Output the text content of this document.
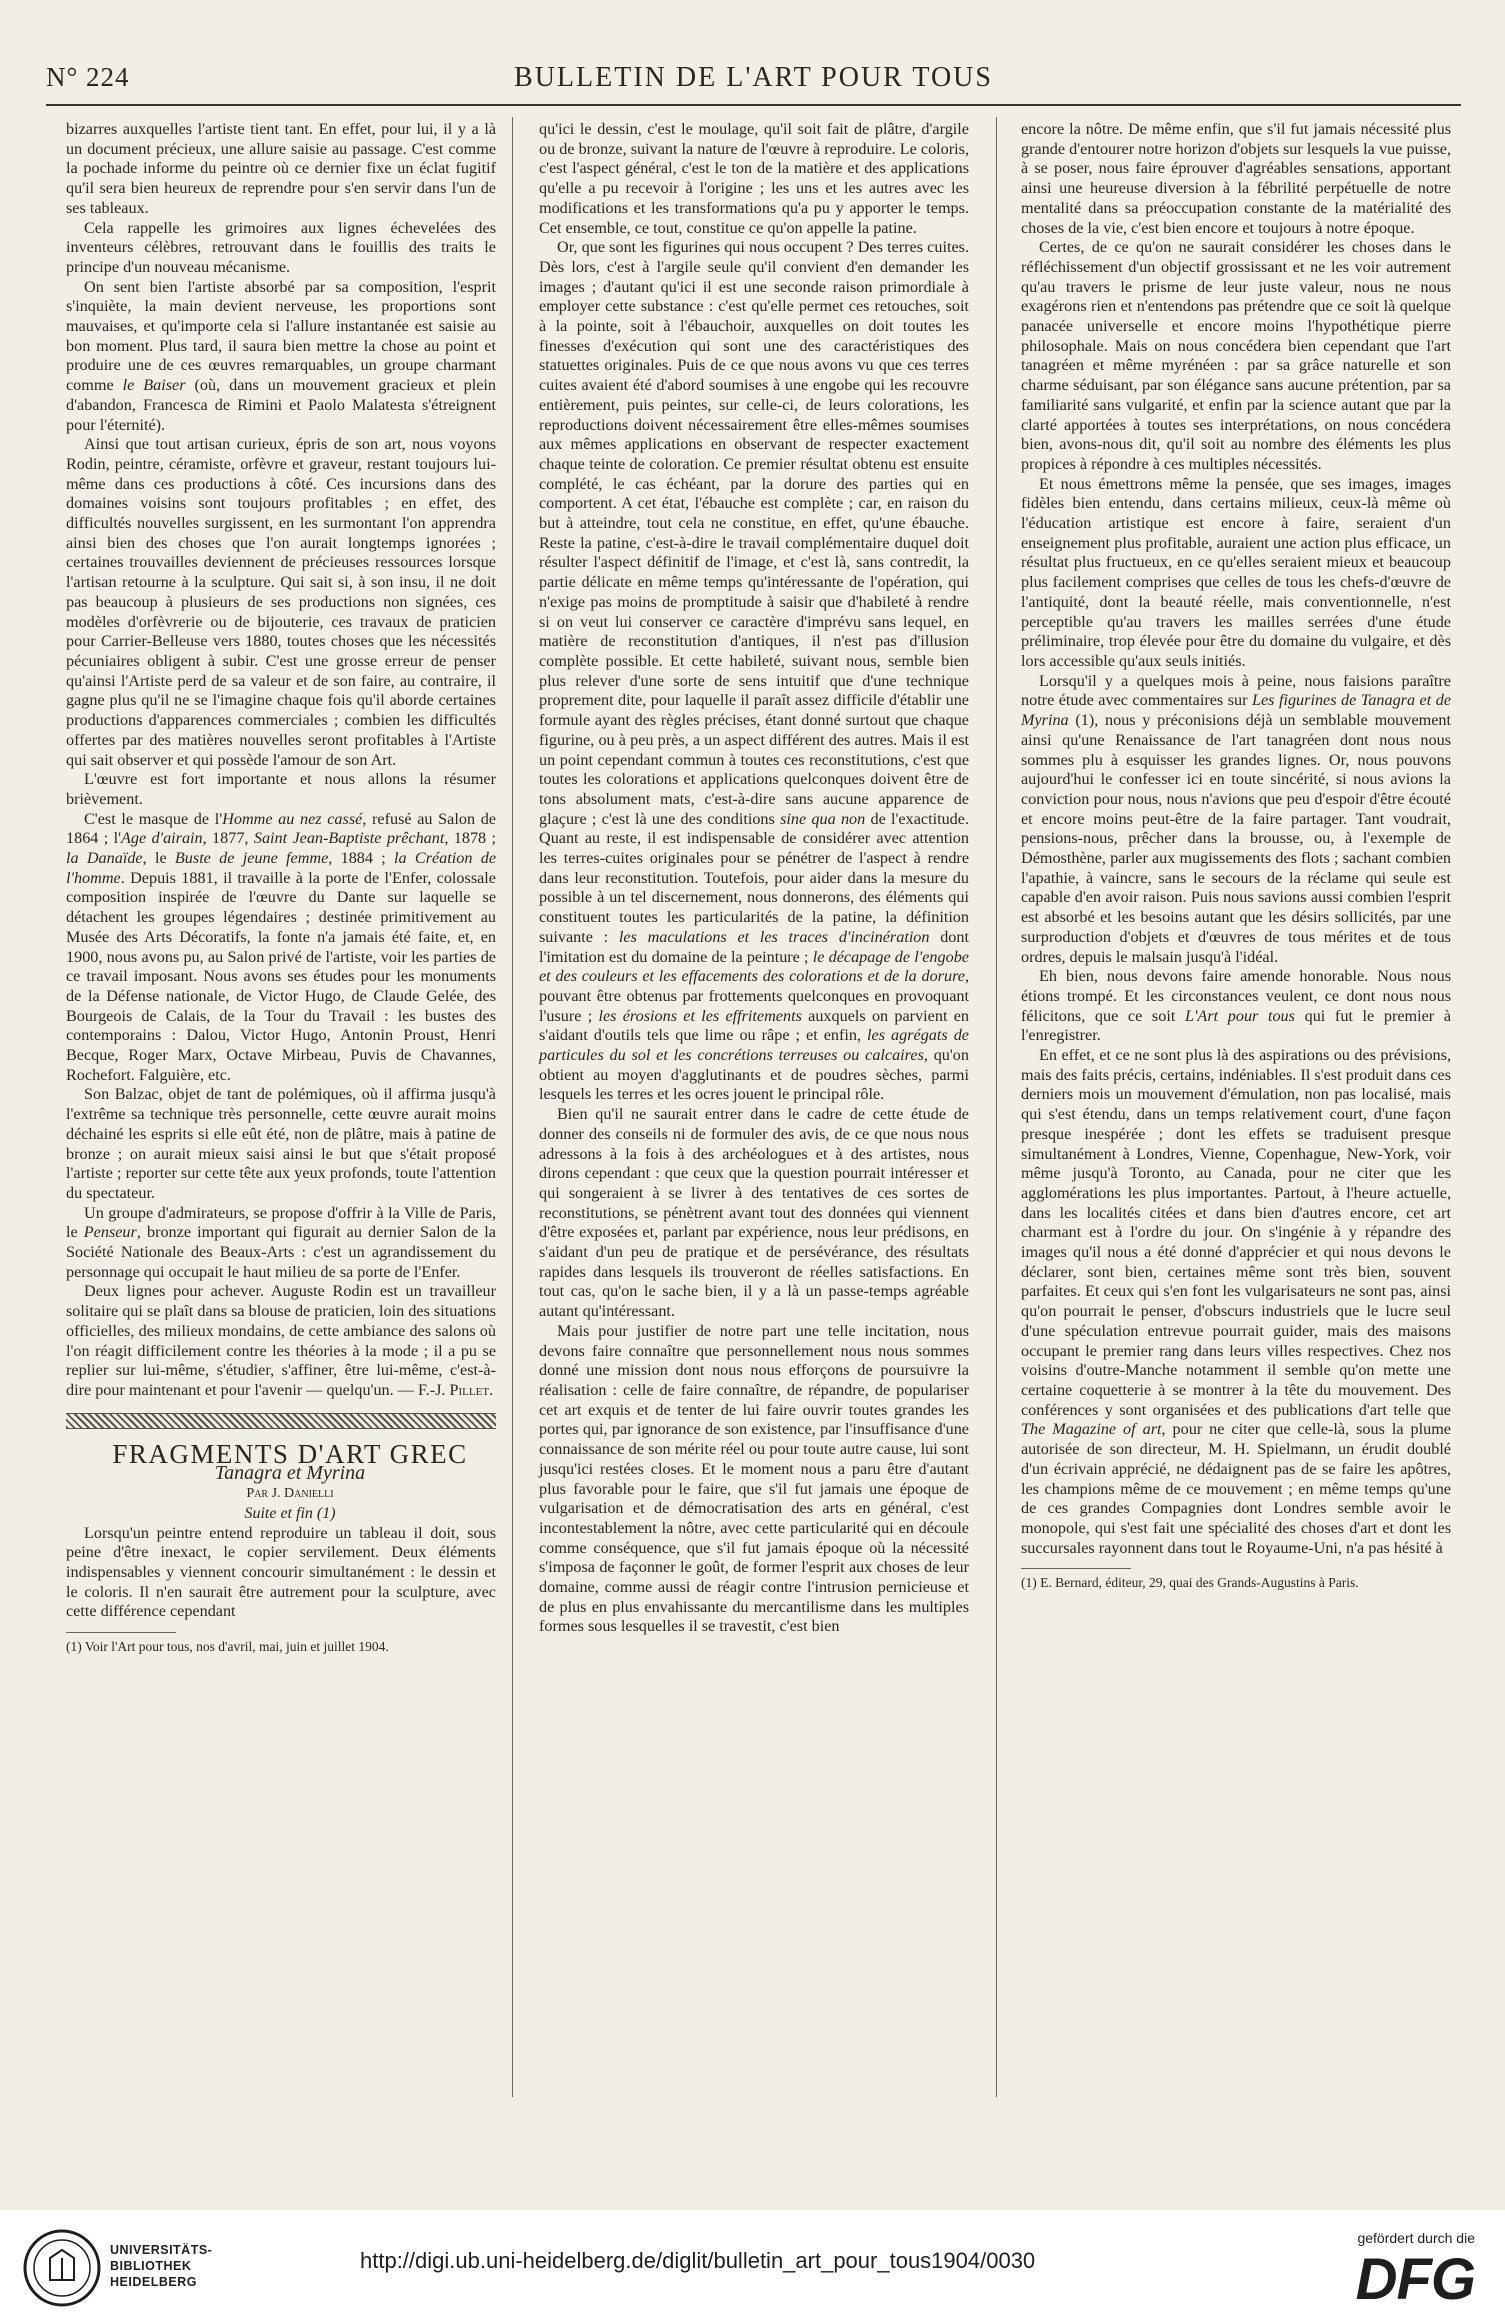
N° 224	BULLETIN DE L'ART POUR TOUS

bizarres auxquelles l'artiste tient tant. En effet, pour lui, il y a là un document précieux, une allure saisie au passage. C'est comme la pochade informe du peintre où ce dernier fixe un éclat fugitif qu'il sera bien heureux de reprendre pour s'en servir dans l'un de ses tableaux.

Cela rappelle les grimoires aux lignes échevelées des inventeurs célèbres, retrouvant dans le fouillis des traits le principe d'un nouveau mécanisme.

On sent bien l'artiste absorbé par sa composition, l'esprit s'inquiète, la main devient nerveuse, les proportions sont mauvaises, et qu'importe cela si l'allure instantanée est saisie au bon moment. Plus tard, il saura bien mettre la chose au point et produire une de ces œuvres remarquables, un groupe charmant comme le Baiser (où, dans un mouvement gracieux et plein d'abandon, Francesca de Rimini et Paolo Malatesta s'étreignent pour l'éternité).

Ainsi que tout artisan curieux, épris de son art, nous voyons Rodin, peintre, céramiste, orfèvre et graveur, restant toujours lui-même dans ces productions à côté. Ces incursions dans des domaines voisins sont toujours profitables ; en effet, des difficultés nouvelles surgissent, en les surmontant l'on apprendra ainsi bien des choses que l'on aurait longtemps ignorées ; certaines trouvailles deviennent de précieuses ressources lorsque l'artisan retourne à la sculpture. Qui sait si, à son insu, il ne doit pas beaucoup à plusieurs de ses productions non signées, ces modèles d'orfèvrerie ou de bijouterie, ces travaux de praticien pour Carrier-Belleuse vers 1880, toutes choses que les nécessités pécuniaires obligent à subir. C'est une grosse erreur de penser qu'ainsi l'Artiste perd de sa valeur et de son faire, au contraire, il gagne plus qu'il ne se l'imagine chaque fois qu'il aborde certaines productions d'apparences commerciales ; combien les difficultés offertes par des matières nouvelles seront profitables à l'Artiste qui sait observer et qui possède l'amour de son Art.

L'œuvre est fort importante et nous allons la résumer brièvement.

C'est le masque de l'Homme au nez cassé, refusé au Salon de 1864 ; l'Age d'airain, 1877, Saint Jean-Baptiste prêchant, 1878 ; la Danaïde, le Buste de jeune femme, 1884 ; la Création de l'homme. Depuis 1881, il travaille à la porte de l'Enfer, colossale composition inspirée de l'œuvre du Dante sur laquelle se détachent les groupes légendaires ; destinée primitivement au Musée des Arts Décoratifs, la fonte n'a jamais été faite, et, en 1900, nous avons pu, au Salon privé de l'artiste, voir les parties de ce travail imposant. Nous avons ses études pour les monuments de la Défense nationale, de Victor Hugo, de Claude Gelée, des Bourgeois de Calais, de la Tour du Travail : les bustes des contemporains : Dalou, Victor Hugo, Antonin Proust, Henri Becque, Roger Marx, Octave Mirbeau, Puvis de Chavannes, Rochefort. Falguière, etc.

Son Balzac, objet de tant de polémiques, où il affirma jusqu'à l'extrême sa technique très personnelle, cette œuvre aurait moins déchainé les esprits si elle eût été, non de plâtre, mais à patine de bronze ; on aurait mieux saisi ainsi le but que s'était proposé l'artiste ; reporter sur cette tête aux yeux profonds, toute l'attention du spectateur.

Un groupe d'admirateurs, se propose d'offrir à la Ville de Paris, le Penseur, bronze important qui figurait au dernier Salon de la Société Nationale des Beaux-Arts : c'est un agrandissement du personnage qui occupait le haut milieu de sa porte de l'Enfer.

Deux lignes pour achever. Auguste Rodin est un travailleur solitaire qui se plaît dans sa blouse de praticien, loin des situations officielles, des milieux mondains, de cette ambiance des salons où l'on réagit difficilement contre les théories à la mode ; il a pu se replier sur lui-même, s'étudier, s'affiner, être lui-même, c'est-à-dire pour maintenant et pour l'avenir — quelqu'un. — F.-J. Pillet.

FRAGMENTS D'ART GREC

Tanagra et Myrina

Par J. Danielli

Suite et fin (1)

Lorsqu'un peintre entend reproduire un tableau il doit, sous peine d'être inexact, le copier servilement. Deux éléments indispensables y viennent concourir simultanément : le dessin et le coloris. Il n'en saurait être autrement pour la sculpture, avec cette différence cependant

(1) Voir l'Art pour tous, nos d'avril, mai, juin et juillet 1904.

qu'ici le dessin, c'est le moulage, qu'il soit fait de plâtre, d'argile ou de bronze, suivant la nature de l'œuvre à reproduire. Le coloris, c'est l'aspect général, c'est le ton de la matière et des applications qu'elle a pu recevoir à l'origine ; les uns et les autres avec les modifications et les transformations qu'a pu y apporter le temps. Cet ensemble, ce tout, constitue ce qu'on appelle la patine.

Or, que sont les figurines qui nous occupent ? Des terres cuites. Dès lors, c'est à l'argile seule qu'il convient d'en demander les images ; d'autant qu'ici il est une seconde raison primordiale à employer cette substance : c'est qu'elle permet ces retouches, soit à la pointe, soit à l'ébauchoir, auxquelles on doit toutes les finesses d'exécution qui sont une des caractéristiques des statuettes originales. Puis de ce que nous avons vu que ces terres cuites avaient été d'abord soumises à une engobe qui les recouvre entièrement, puis peintes, sur celle-ci, de leurs colorations, les reproductions doivent nécessairement être elles-mêmes soumises aux mêmes applications en observant de respecter exactement chaque teinte de coloration. Ce premier résultat obtenu est ensuite complété, le cas échéant, par la dorure des parties qui en comportent. A cet état, l'ébauche est complète ; car, en raison du but à atteindre, tout cela ne constitue, en effet, qu'une ébauche. Reste la patine, c'est-à-dire le travail complémentaire duquel doit résulter l'aspect définitif de l'image, et c'est là, sans contredit, la partie délicate en même temps qu'intéressante de l'opération, qui n'exige pas moins de promptitude à saisir que d'habileté à rendre si on veut lui conserver ce caractère d'imprévu sans lequel, en matière de reconstitution d'antiques, il n'est pas d'illusion complète possible. Et cette habileté, suivant nous, semble bien plus relever d'une sorte de sens intuitif que d'une technique proprement dite, pour laquelle il paraît assez difficile d'établir une formule ayant des règles précises, étant donné surtout que chaque figurine, ou à peu près, a un aspect différent des autres. Mais il est un point cependant commun à toutes ces reconstitutions, c'est que toutes les colorations et applications quelconques doivent être de tons absolument mats, c'est-à-dire sans aucune apparence de glaçure ; c'est là une des conditions sine qua non de l'exactitude. Quant au reste, il est indispensable de considérer avec attention les terres-cuites originales pour se pénétrer de l'aspect à rendre dans leur reconstitution. Toutefois, pour aider dans la mesure du possible à un tel discernement, nous donnerons, des éléments qui constituent toutes les particularités de la patine, la définition suivante : les maculations et les traces d'incinération dont l'imitation est du domaine de la peinture ; le décapage de l'engobe et des couleurs et les effacements des colorations et de la dorure, pouvant être obtenus par frottements quelconques en provoquant l'usure ; les érosions et les effritements auxquels on parvient en s'aidant d'outils tels que lime ou râpe ; et enfin, les agrégats de particules du sol et les concrétions terreuses ou calcaires, qu'on obtient au moyen d'agglutinants et de poudres sèches, parmi lesquels les terres et les ocres jouent le principal rôle.

Bien qu'il ne saurait entrer dans le cadre de cette étude de donner des conseils ni de formuler des avis, de ce que nous nous adressons à la fois à des archéologues et à des artistes, nous dirons cependant : que ceux que la question pourrait intéresser et qui songeraient à se livrer à des tentatives de ces sortes de reconstitutions, se pénètrent avant tout des données qui viennent d'être exposées et, parlant par expérience, nous leur prédisons, en s'aidant d'un peu de pratique et de persévérance, des résultats rapides dans lesquels ils trouveront de réelles satisfactions. En tout cas, qu'on le sache bien, il y a là un passe-temps agréable autant qu'intéressant.

Mais pour justifier de notre part une telle incitation, nous devons faire connaître que personnellement nous nous sommes donné une mission dont nous nous efforçons de poursuivre la réalisation : celle de faire connaître, de répandre, de populariser cet art exquis et de tenter de lui faire ouvrir toutes grandes les portes qui, par ignorance de son existence, par l'insuffisance d'une connaissance de son mérite réel ou pour toute autre cause, lui sont jusqu'ici restées closes. Et le moment nous a paru être d'autant plus favorable pour le faire, que s'il fut jamais une époque de vulgarisation et de démocratisation des arts en général, c'est incontestablement la nôtre, avec cette particularité qui en découle comme conséquence, que s'il fut jamais époque où la nécessité s'imposa de façonner le goût, de former l'esprit aux choses de leur domaine, comme aussi de réagir contre l'intrusion pernicieuse et de plus en plus envahissante du mercantilisme dans les multiples formes sous lesquelles il se travestit, c'est bien

encore la nôtre. De même enfin, que s'il fut jamais nécessité plus grande d'entourer notre horizon d'objets sur lesquels la vue puisse, à se poser, nous faire éprouver d'agréables sensations, apportant ainsi une heureuse diversion à la fébrilité perpétuelle de notre mentalité dans sa préoccupation constante de la matérialité des choses de la vie, c'est bien encore et toujours à notre époque.

Certes, de ce qu'on ne saurait considérer les choses dans le réfléchissement d'un objectif grossissant et ne les voir autrement qu'au travers le prisme de leur juste valeur, nous ne nous exagérons rien et n'entendons pas prétendre que ce soit là quelque panacée universelle et encore moins l'hypothétique pierre philosophale. Mais on nous concédera bien cependant que l'art tanagréen et même myrénéen : par sa grâce naturelle et son charme séduisant, par son élégance sans aucune prétention, par sa familiarité sans vulgarité, et enfin par la science autant que par la clarté apportées à toutes ses interprétations, on nous concédera bien, avons-nous dit, qu'il soit au nombre des éléments les plus propices à répondre à ces multiples nécessités.

Et nous émettrons même la pensée, que ses images, images fidèles bien entendu, dans certains milieux, ceux-là même où l'éducation artistique est encore à faire, seraient d'un enseignement plus profitable, auraient une action plus efficace, un résultat plus fructueux, en ce qu'elles seraient mieux et beaucoup plus facilement comprises que celles de tous les chefs-d'œuvre de l'antiquité, dont la beauté réelle, mais conventionnelle, n'est perceptible qu'au travers les mailles serrées d'une étude préliminaire, trop élevée pour être du domaine du vulgaire, et dès lors accessible qu'aux seuls initiés.

Lorsqu'il y a quelques mois à peine, nous faisions paraître notre étude avec commentaires sur Les figurines de Tanagra et de Myrina (1), nous y préconisions déjà un semblable mouvement ainsi qu'une Renaissance de l'art tanagréen dont nous nous sommes plu à esquisser les grandes lignes. Or, nous pouvons aujourd'hui le confesser ici en toute sincérité, si nous avions la conviction pour nous, nous n'avions que peu d'espoir d'être écouté et encore moins peut-être de la faire partager. Tant voudrait, pensions-nous, prêcher dans la brousse, ou, à l'exemple de Démosthène, parler aux mugissements des flots ; sachant combien l'apathie, à vaincre, sans le secours de la réclame qui seule est capable d'en avoir raison. Puis nous savions aussi combien l'esprit est absorbé et les besoins autant que les désirs sollicités, par une surproduction d'objets et d'œuvres de tous mérites et de tous ordres, depuis le malsain jusqu'à l'idéal.

Eh bien, nous devons faire amende honorable. Nous nous étions trompé. Et les circonstances veulent, ce dont nous nous félicitons, que ce soit L'Art pour tous qui fut le premier à l'enregistrer.

En effet, et ce ne sont plus là des aspirations ou des prévisions, mais des faits précis, certains, indéniables. Il s'est produit dans ces derniers mois un mouvement d'émulation, non pas localisé, mais qui s'est étendu, dans un temps relativement court, d'une façon presque inespérée ; dont les effets se traduisent presque simultanément à Londres, Vienne, Copenhague, New-York, voir même jusqu'à Toronto, au Canada, pour ne citer que les agglomérations les plus importantes. Partout, à l'heure actuelle, dans les localités citées et dans bien d'autres encore, cet art charmant est à l'ordre du jour. On s'ingénie à y répandre des images qu'il nous a été donné d'apprécier et qui nous devons le déclarer, sont bien, certaines même sont très bien, souvent parfaites. Et ceux qui s'en font les vulgarisateurs ne sont pas, ainsi qu'on pourrait le penser, d'obscurs industriels que le lucre seul d'une spéculation entrevue pourrait guider, mais des maisons occupant le premier rang dans leurs villes respectives. Chez nos voisins d'outre-Manche notamment il semble qu'on mette une certaine coquetterie à se montrer à la tête du mouvement. Des conférences y sont organisées et des publications d'art telle que The Magazine of art, pour ne citer que celle-là, sous la plume autorisée de son directeur, M. H. Spielmann, un érudit doublé d'un écrivain apprécié, ne dédaignent pas de se faire les apôtres, les champions même de ce mouvement ; en même temps qu'une de ces grandes Compagnies dont Londres semble avoir le monopole, qui s'est fait une spécialité des choses d'art et dont les succursales rayonnent dans tout le Royaume-Uni, n'a pas hésité à

(1) E. Bernard, éditeur, 29, quai des Grands-Augustins à Paris.

UNIVERSITÄTS-
BIBLIOTHEK
HEIDELBERG
http://digi.ub.uni-heidelberg.de/diglit/bulletin_art_pour_tous1904/0030
gefördert durch die
DFG
